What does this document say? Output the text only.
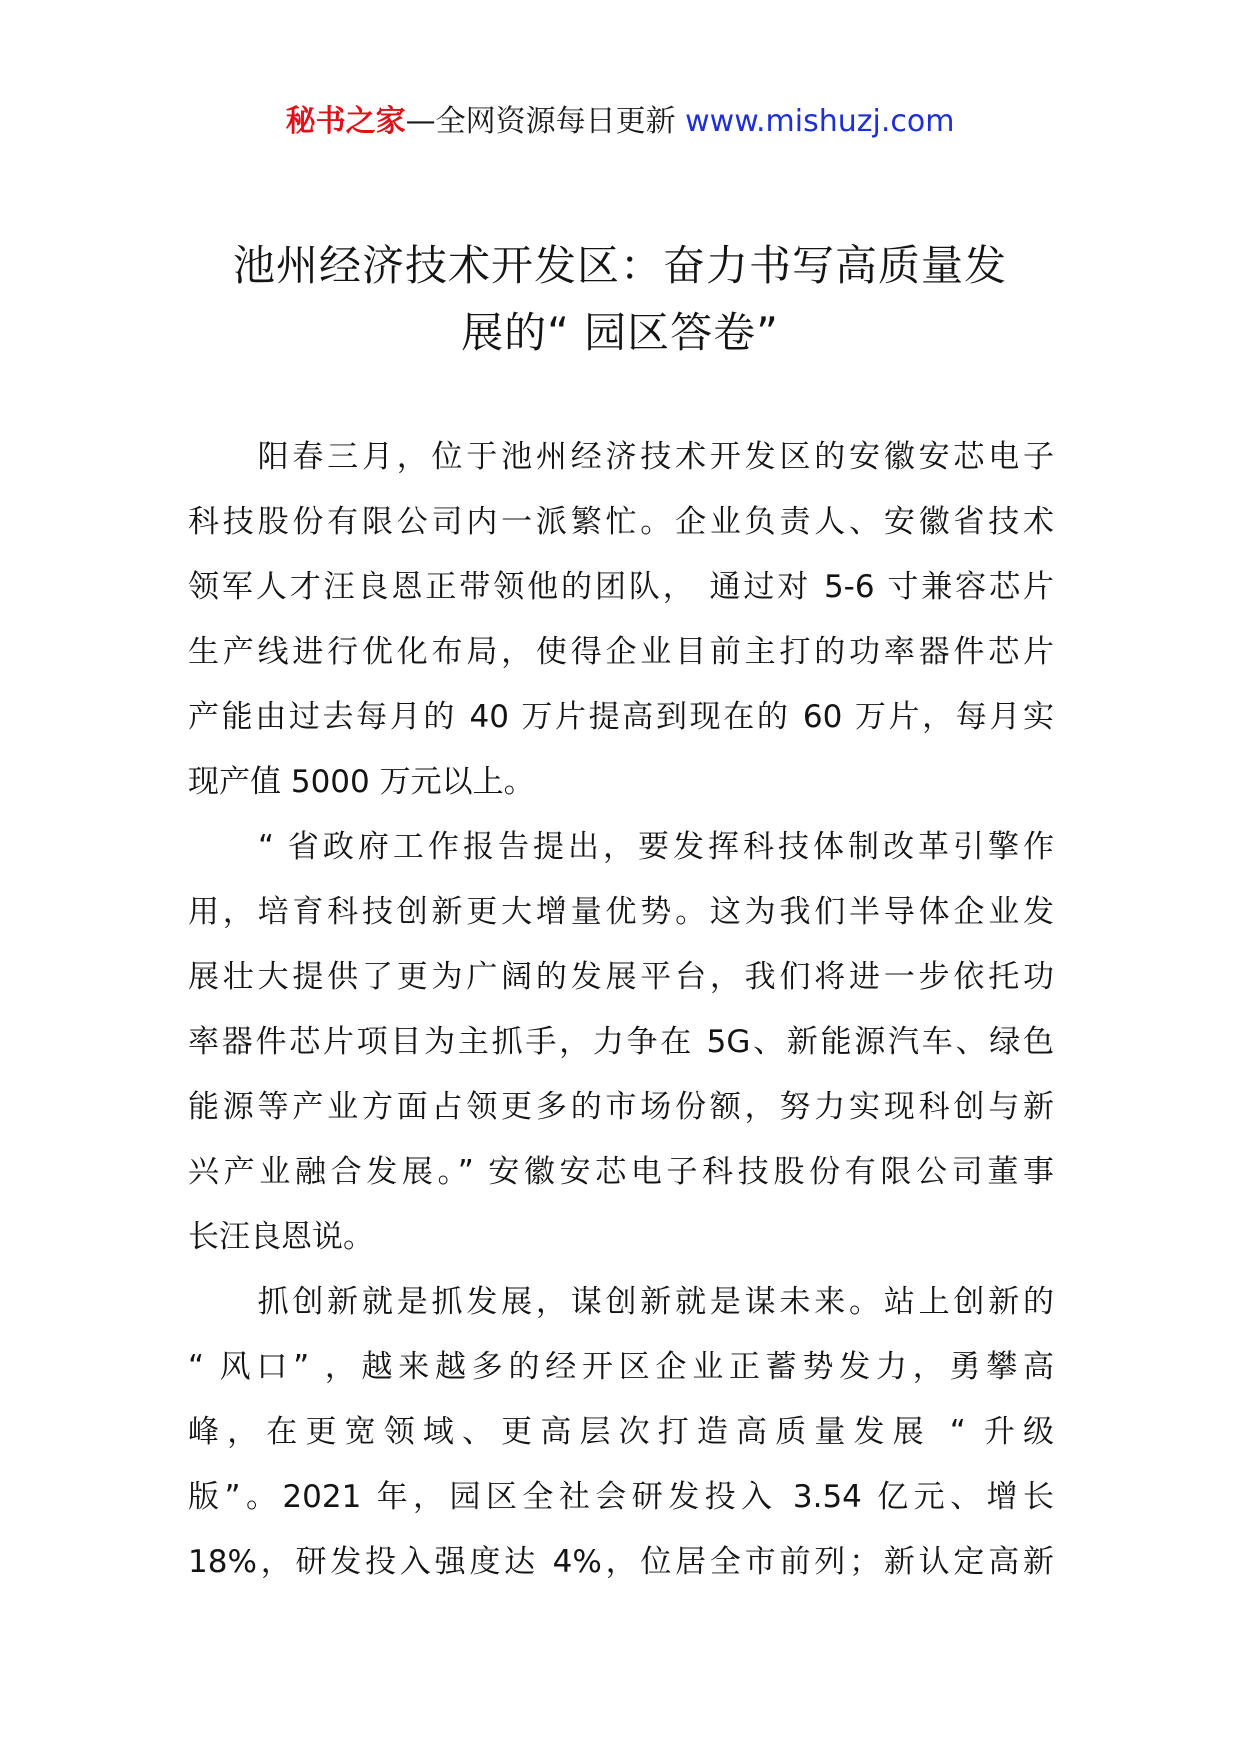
秘书之家—全网资源每日更新 www.mishuzj.com
池州经济技术开发区：奋力书写高质量发
展的“ 园区答卷”

　　阳春三月，位于池州经济技术开发区的安徽安芯电子
科技股份有限公司内一派繁忙。企业负责人、安徽省技术
领军人才汪良恩正带领他的团队， 通过对 5-6 寸兼容芯片
生产线进行优化布局，使得企业目前主打的功率器件芯片
产能由过去每月的 40 万片提高到现在的 60 万片，每月实
现产值 5000 万元以上。

　　“ 省政府工作报告提出，要发挥科技体制改革引擎作
用，培育科技创新更大增量优势。这为我们半导体企业发
展壮大提供了更为广阔的发展平台，我们将进一步依托功
率器件芯片项目为主抓手，力争在 5G、新能源汽车、绿色
能源等产业方面占领更多的市场份额，努力实现科创与新
兴产业融合发展。” 安徽安芯电子科技股份有限公司董事
长汪良恩说。

　　抓创新就是抓发展，谋创新就是谋未来。站上创新的
“ 风口” ，越来越多的经开区企业正蓄势发力，勇攀高
峰，在更宽领域、更高层次打造高质量发展 “ 升级
版”。2021 年，园区全社会研发投入 3.54 亿元、增长
18%，研发投入强度达 4%，位居全市前列；新认定高新
